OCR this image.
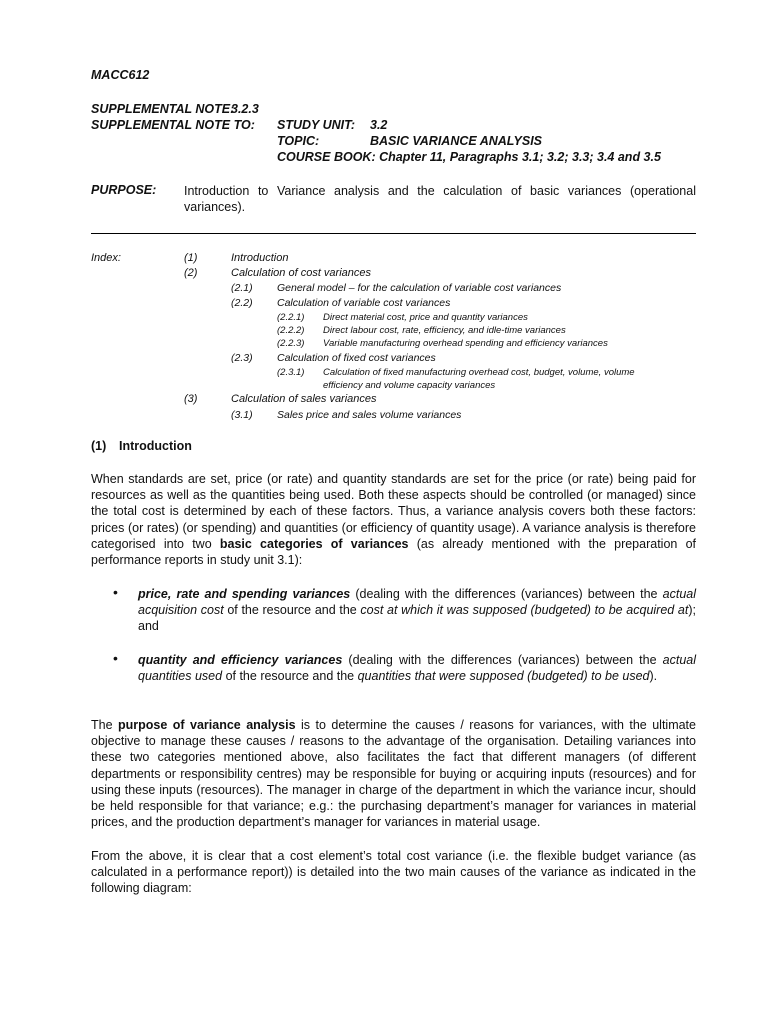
MACC612
SUPPLEMENTAL NOTE:
3.2.3
SUPPLEMENTAL NOTE TO: STUDY UNIT: 3.2
TOPIC:	BASIC VARIANCE ANALYSIS
COURSE BOOK: Chapter 11, Paragraphs 3.1; 3.2; 3.3; 3.4 and 3.5
PURPOSE: Introduction to Variance analysis and the calculation of basic variances (operational variances).
Index:	(1)	Introduction
(2)	Calculation of cost variances
(2.1) General model – for the calculation of variable cost variances
(2.2) Calculation of variable cost variances
(2.2.1) Direct material cost, price and quantity variances
(2.2.2) Direct labour cost, rate, efficiency, and idle-time variances
(2.2.3) Variable manufacturing overhead spending and efficiency variances
(2.3) Calculation of fixed cost variances
(2.3.1) Calculation of fixed manufacturing overhead cost, budget, volume, volume
efficiency and volume capacity variances
(3)	Calculation of sales variances
(3.1) Sales price and sales volume variances
(1) Introduction
When standards are set, price (or rate) and quantity standards are set for the price (or rate) being paid for resources as well as the quantities being used. Both these aspects should be controlled (or managed) since the total cost is determined by each of these factors. Thus, a variance analysis covers both these factors: prices (or rates) (or spending) and quantities (or efficiency of quantity usage). A variance analysis is therefore categorised into two basic categories of variances (as already mentioned with the preparation of performance reports in study unit 3.1):
• price, rate and spending variances (dealing with the differences (variances) between the actual acquisition cost of the resource and the cost at which it was supposed (budgeted) to be acquired at); and
• quantity and efficiency variances (dealing with the differences (variances) between the actual quantities used of the resource and the quantities that were supposed (budgeted) to be used).
The purpose of variance analysis is to determine the causes / reasons for variances, with the ultimate objective to manage these causes / reasons to the advantage of the organisation. Detailing variances into these two categories mentioned above, also facilitates the fact that different managers (of different departments or responsibility centres) may be responsible for buying or acquiring inputs (resources) and for using these inputs (resources). The manager in charge of the department in which the variance incur, should be held responsible for that variance; e.g.: the purchasing department’s manager for variances in material prices, and the production department’s manager for variances in material usage.
From the above, it is clear that a cost element’s total cost variance (i.e. the flexible budget variance (as calculated in a performance report)) is detailed into the two main causes of the variance as indicated in the following diagram:
